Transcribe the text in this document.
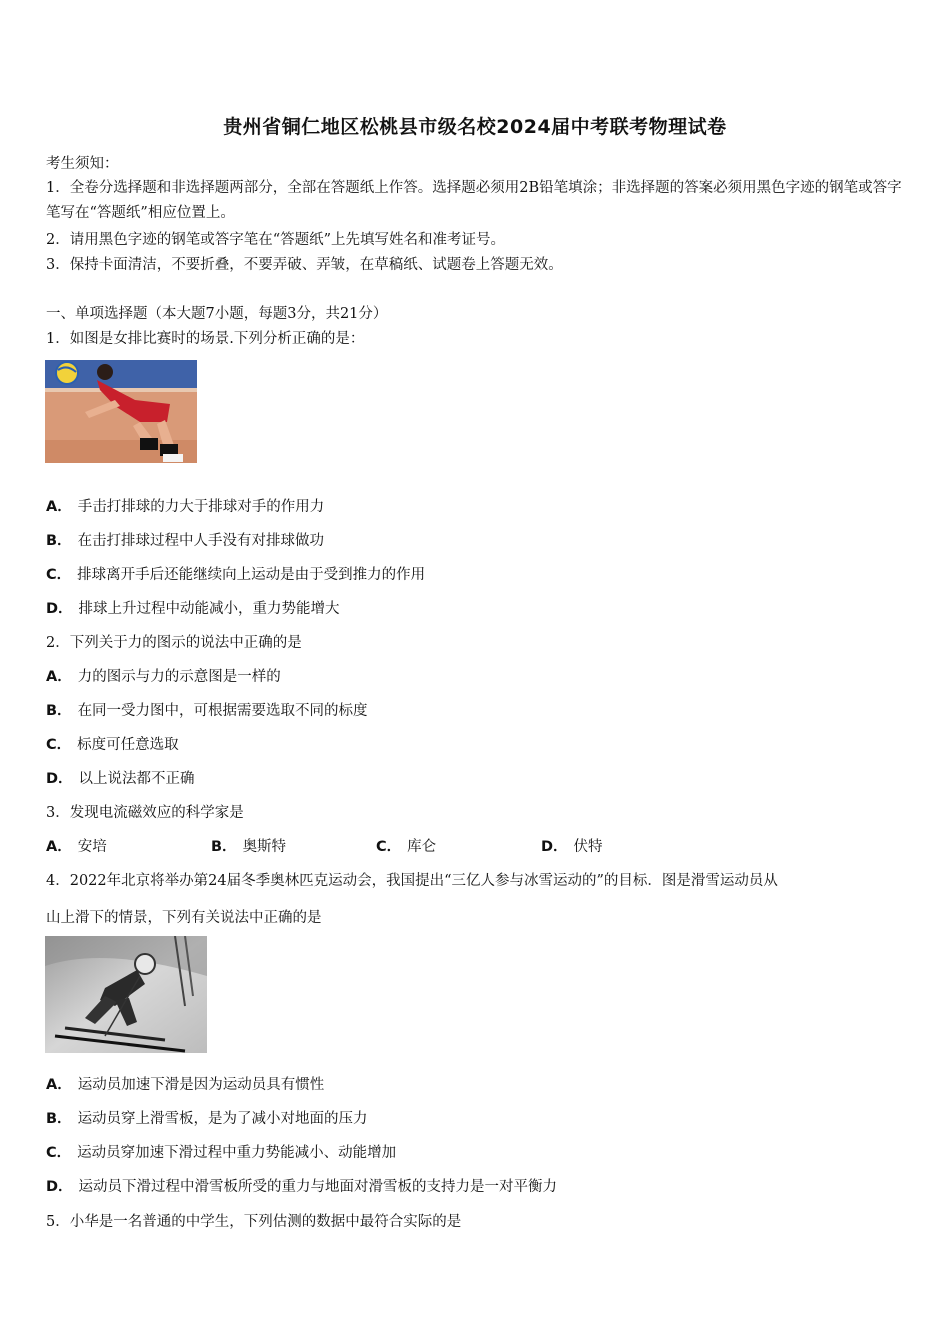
贵州省铜仁地区松桃县市级名校2024届中考联考物理试卷
考生须知：
1．全卷分选择题和非选择题两部分，全部在答题纸上作答。选择题必须用2B铅笔填涂；非选择题的答案必须用黑色字迹的钢笔或答字笔写在“答题纸”相应位置上。
2．请用黑色字迹的钢笔或答字笔在“答题纸”上先填写姓名和准考证号。
3．保持卡面清洁，不要折叠，不要弄破、弄皱，在草稿纸、试题卷上答题无效。
一、单项选择题（本大题7小题，每题3分，共21分）
1．如图是女排比赛时的场景.下列分析正确的是：
A． 手击打排球的力大于排球对手的作用力
B． 在击打排球过程中人手没有对排球做功
C． 排球离开手后还能继续向上运动是由于受到推力的作用
D． 排球上升过程中动能减小，重力势能增大
2．下列关于力的图示的说法中正确的是
A． 力的图示与力的示意图是一样的
B． 在同一受力图中，可根据需要选取不同的标度
C． 标度可任意选取
D． 以上说法都不正确
3．发现电流磁效应的科学家是
A． 安培	B． 奥斯特	C． 库仑	D． 伏特
4．2022年北京将举办第24届冬季奥林匹克运动会，我国提出“三亿人参与冰雪运动的”的目标．图是滑雪运动员从
山上滑下的情景，下列有关说法中正确的是
A． 运动员加速下滑是因为运动员具有惯性
B． 运动员穿上滑雪板，是为了减小对地面的压力
C． 运动员穿加速下滑过程中重力势能减小、动能增加
D． 运动员下滑过程中滑雪板所受的重力与地面对滑雪板的支持力是一对平衡力
5．小华是一名普通的中学生，下列估测的数据中最符合实际的是
